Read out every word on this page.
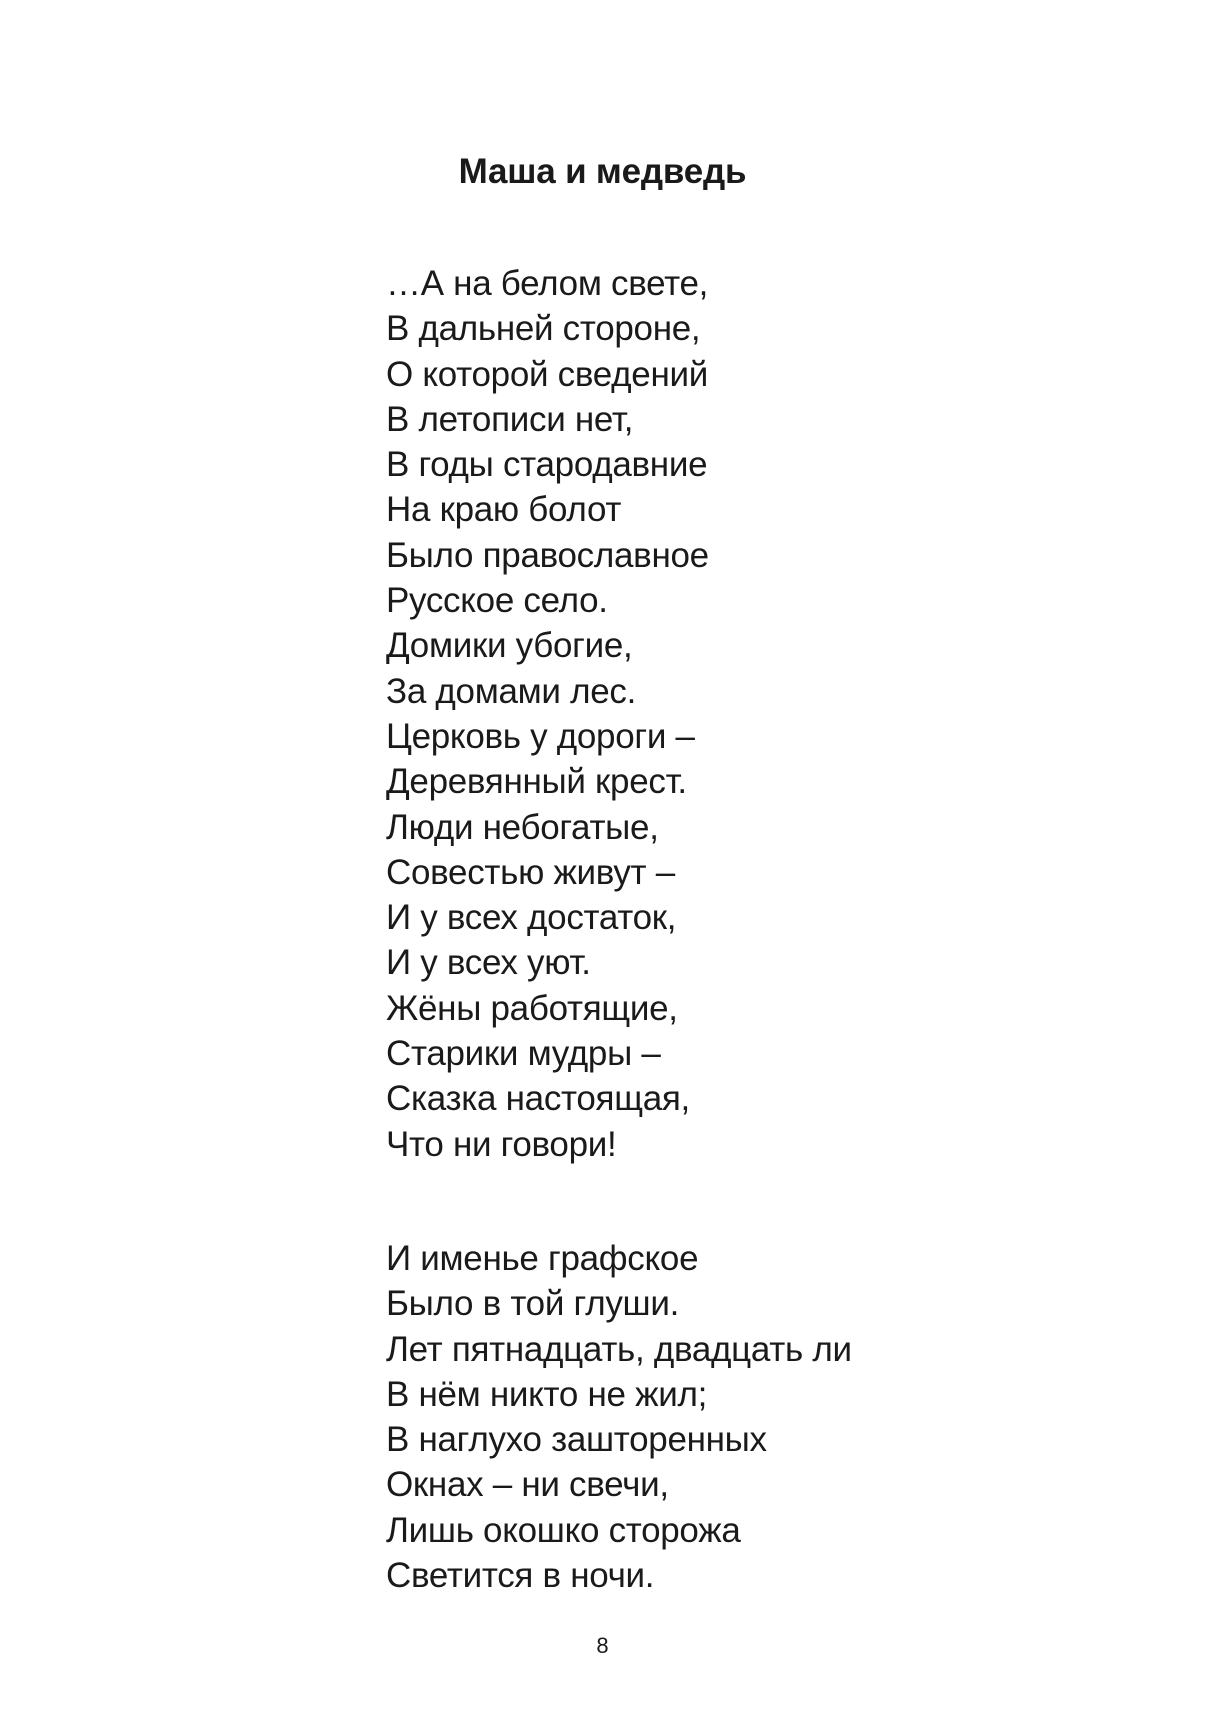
Маша и медведь
…А на белом свете,
В дальней стороне,
О которой сведений
В летописи нет,
В годы стародавние
На краю болот
Было православное
Русское село.
Домики убогие,
За домами лес.
Церковь у дороги –
Деревянный крест.
Люди небогатые,
Совестью живут –
И у всех достаток,
И у всех уют.
Жёны работящие,
Старики мудры –
Сказка настоящая,
Что ни говори!
И именье графское
Было в той глуши.
Лет пятнадцать, двадцать ли
В нём никто не жил;
В наглухо зашторенных
Окнах – ни свечи,
Лишь окошко сторожа
Светится в ночи.
8
